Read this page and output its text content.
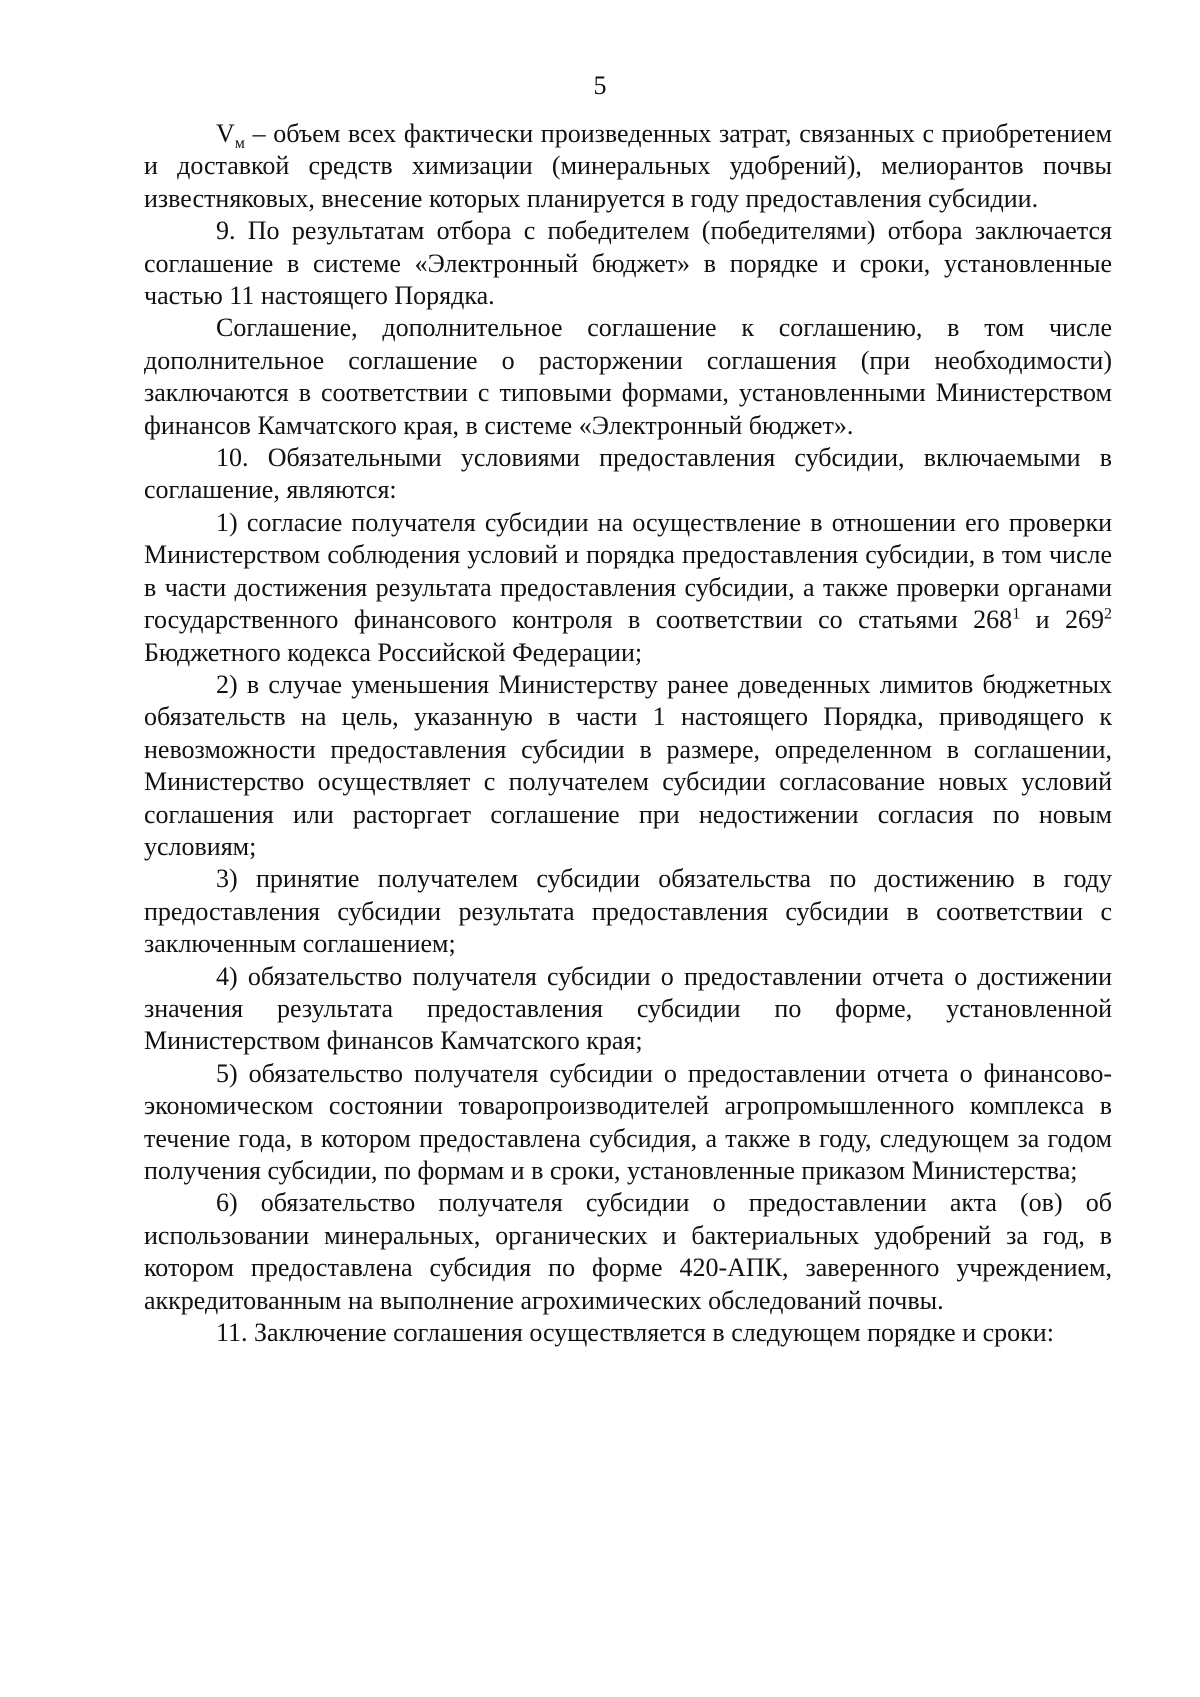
5

$V_м$ – объем всех фактически произведенных затрат, связанных с приобретением и доставкой средств химизации (минеральных удобрений), мелиорантов почвы известняковых, внесение которых планируется в году предоставления субсидии.

9. По результатам отбора с победителем (победителями) отбора заключается соглашение в системе «Электронный бюджет» в порядке и сроки, установленные частью 11 настоящего Порядка.

Соглашение, дополнительное соглашение к соглашению, в том числе дополнительное соглашение о расторжении соглашения (при необходимости) заключаются в соответствии с типовыми формами, установленными Министерством финансов Камчатского края, в системе «Электронный бюджет».

10. Обязательными условиями предоставления субсидии, включаемыми в соглашение, являются:

1) согласие получателя субсидии на осуществление в отношении его проверки Министерством соблюдения условий и порядка предоставления субсидии, в том числе в части достижения результата предоставления субсидии, а также проверки органами государственного финансового контроля в соответствии со статьями $268^1$ и $269^2$ Бюджетного кодекса Российской Федерации;

2) в случае уменьшения Министерству ранее доведенных лимитов бюджетных обязательств на цель, указанную в части 1 настоящего Порядка, приводящего к невозможности предоставления субсидии в размере, определенном в соглашении, Министерство осуществляет с получателем субсидии согласование новых условий соглашения или расторгает соглашение при недостижении согласия по новым условиям;

3) принятие получателем субсидии обязательства по достижению в году предоставления субсидии результата предоставления субсидии в соответствии с заключенным соглашением;

4) обязательство получателя субсидии о предоставлении отчета о достижении значения результата предоставления субсидии по форме, установленной Министерством финансов Камчатского края;

5) обязательство получателя субсидии о предоставлении отчета о финансово-экономическом состоянии товаропроизводителей агропромышленного комплекса в течение года, в котором предоставлена субсидия, а также в году, следующем за годом получения субсидии, по формам и в сроки, установленные приказом Министерства;

6) обязательство получателя субсидии о предоставлении акта (ов) об использовании минеральных, органических и бактериальных удобрений за год, в котором предоставлена субсидия по форме 420-АПК, заверенного учреждением, аккредитованным на выполнение агрохимических обследований почвы.

11. Заключение соглашения осуществляется в следующем порядке и сроки:
